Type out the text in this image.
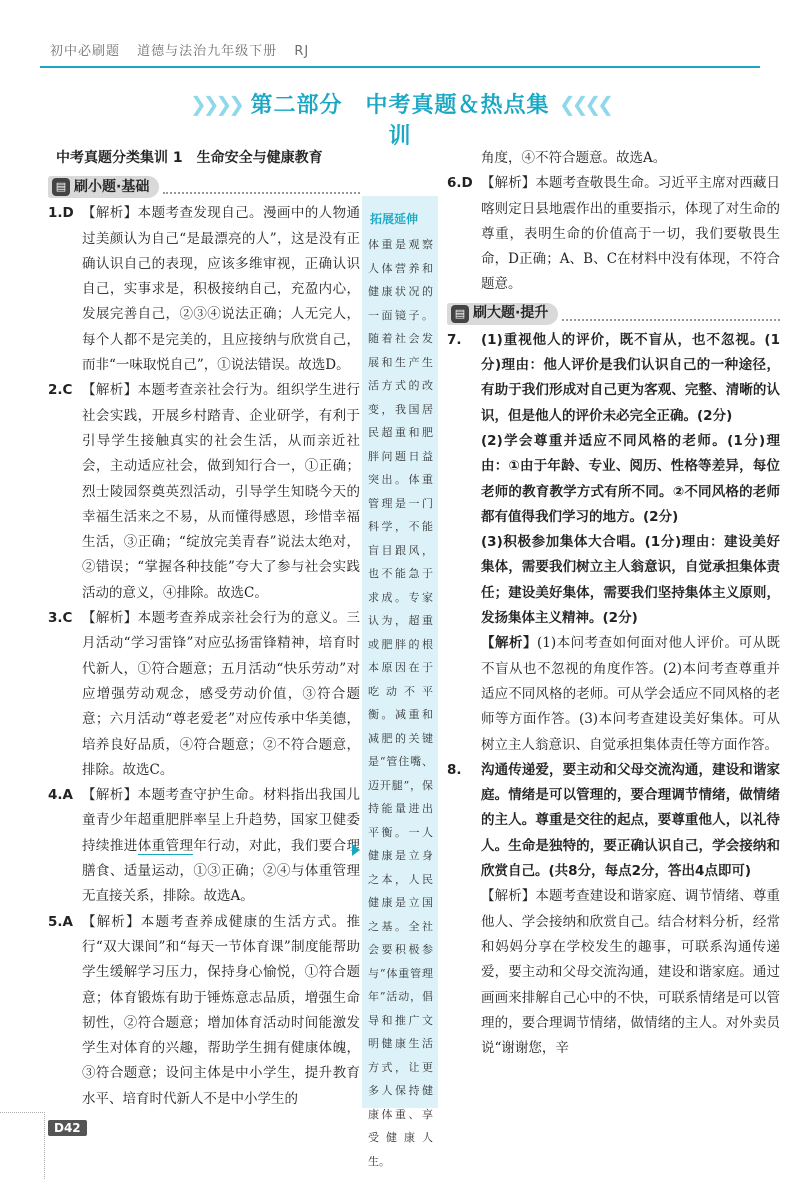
初中必刷题 道德与法治九年级下册 RJ
❯❯❯❯ 第二部分　中考真题＆热点集训
❮❮❮❮
中考真题分类集训 1　生命安全与健康教育
▤ 刷小题·基础
1.D 【解析】本题考查发现自己。漫画中的人物通过美颜认为自己“是最漂亮的人”，这是没有正确认识自己的表现，应该多维审视，正确认识自己，实事求是，积极接纳自己，充盈内心，发展完善自己，②③④说法正确；人无完人，每个人都不是完美的，且应接纳与欣赏自己，而非“一味取悦自己”，①说法错误。故选D。
2.C 【解析】本题考查亲社会行为。组织学生进行社会实践，开展乡村踏青、企业研学，有利于引导学生接触真实的社会生活，从而亲近社会，主动适应社会，做到知行合一，①正确；烈士陵园祭奠英烈活动，引导学生知晓今天的幸福生活来之不易，从而懂得感恩，珍惜幸福生活，③正确；“绽放完美青春”说法太绝对，②错误；“掌握各种技能”夸大了参与社会实践活动的意义，④排除。故选C。
3.C 【解析】本题考查养成亲社会行为的意义。三月活动“学习雷锋”对应弘扬雷锋精神，培育时代新人，①符合题意；五月活动“快乐劳动”对应增强劳动观念，感受劳动价值，③符合题意；六月活动“尊老爱老”对应传承中华美德，培养良好品质，④符合题意；②不符合题意，排除。故选C。
4.A 【解析】本题考查守护生命。材料指出我国儿童青少年超重肥胖率呈上升趋势，国家卫健委持续推进体重管理年行动，对此，我们要合理膳食、适量运动，①③正确；②④与体重管理无直接关系，排除。故选A。
5.A 【解析】本题考查养成健康的生活方式。推行“双大课间”和“每天一节体育课”制度能帮助学生缓解学习压力，保持身心愉悦，①符合题意；体育锻炼有助于锤炼意志品质，增强生命韧性，②符合题意；增加体育活动时间能激发学生对体育的兴趣，帮助学生拥有健康体魄，③符合题意；设问主体是中小学生，提升教育水平、培育时代新人不是中小学生的
拓展延伸
体重是观察人体营养和健康状况的一面镜子。随着社会发展和生产生活方式的改变，我国居民超重和肥胖问题日益突出。体重管理是一门科学，不能盲目跟风，也不能急于求成。专家认为，超重或肥胖的根本原因在于吃动不平衡。减重和减肥的关键是“管住嘴、迈开腿”，保持能量进出平衡。一人健康是立身之本，人民健康是立国之基。全社会要积极参与“体重管理年”活动，倡导和推广文明健康生活方式，让更多人保持健康体重、享受健康人生。
角度，④不符合题意。故选A。
6.D 【解析】本题考查敬畏生命。习近平主席对西藏日喀则定日县地震作出的重要指示，体现了对生命的尊重，表明生命的价值高于一切，我们要敬畏生命，D正确；A、B、C在材料中没有体现，不符合题意。
▤ 刷大题·提升
7.	(1)重视他人的评价，既不盲从，也不忽视。(1分)理由：他人评价是我们认识自己的一种途径，有助于我们形成对自己更为客观、完整、清晰的认识，但是他人的评价未必完全正确。(2分)
(2)学会尊重并适应不同风格的老师。(1分)理由：①由于年龄、专业、阅历、性格等差异，每位老师的教育教学方式有所不同。②不同风格的老师都有值得我们学习的地方。(2分)
(3)积极参加集体大合唱。(1分)理由：建设美好集体，需要我们树立主人翁意识，自觉承担集体责任；建设美好集体，需要我们坚持集体主义原则，发扬集体主义精神。(2分)
【解析】(1)本问考查如何面对他人评价。可从既不盲从也不忽视的角度作答。(2)本问考查尊重并适应不同风格的老师。可从学会适应不同风格的老师等方面作答。(3)本问考查建设美好集体。可从树立主人翁意识、自觉承担集体责任等方面作答。
8.	沟通传递爱，要主动和父母交流沟通，建设和谐家庭。情绪是可以管理的，要合理调节情绪，做情绪的主人。尊重是交往的起点，要尊重他人，以礼待人。生命是独特的，要正确认识自己，学会接纳和欣赏自己。(共8分，每点2分，答出4点即可)
【解析】本题考查建设和谐家庭、调节情绪、尊重他人、学会接纳和欣赏自己。结合材料分析，经常和妈妈分享在学校发生的趣事，可联系沟通传递爱，要主动和父母交流沟通，建设和谐家庭。通过画画来排解自己心中的不快，可联系情绪是可以管理的，要合理调节情绪，做情绪的主人。对外卖员说“谢谢您，辛
D42
